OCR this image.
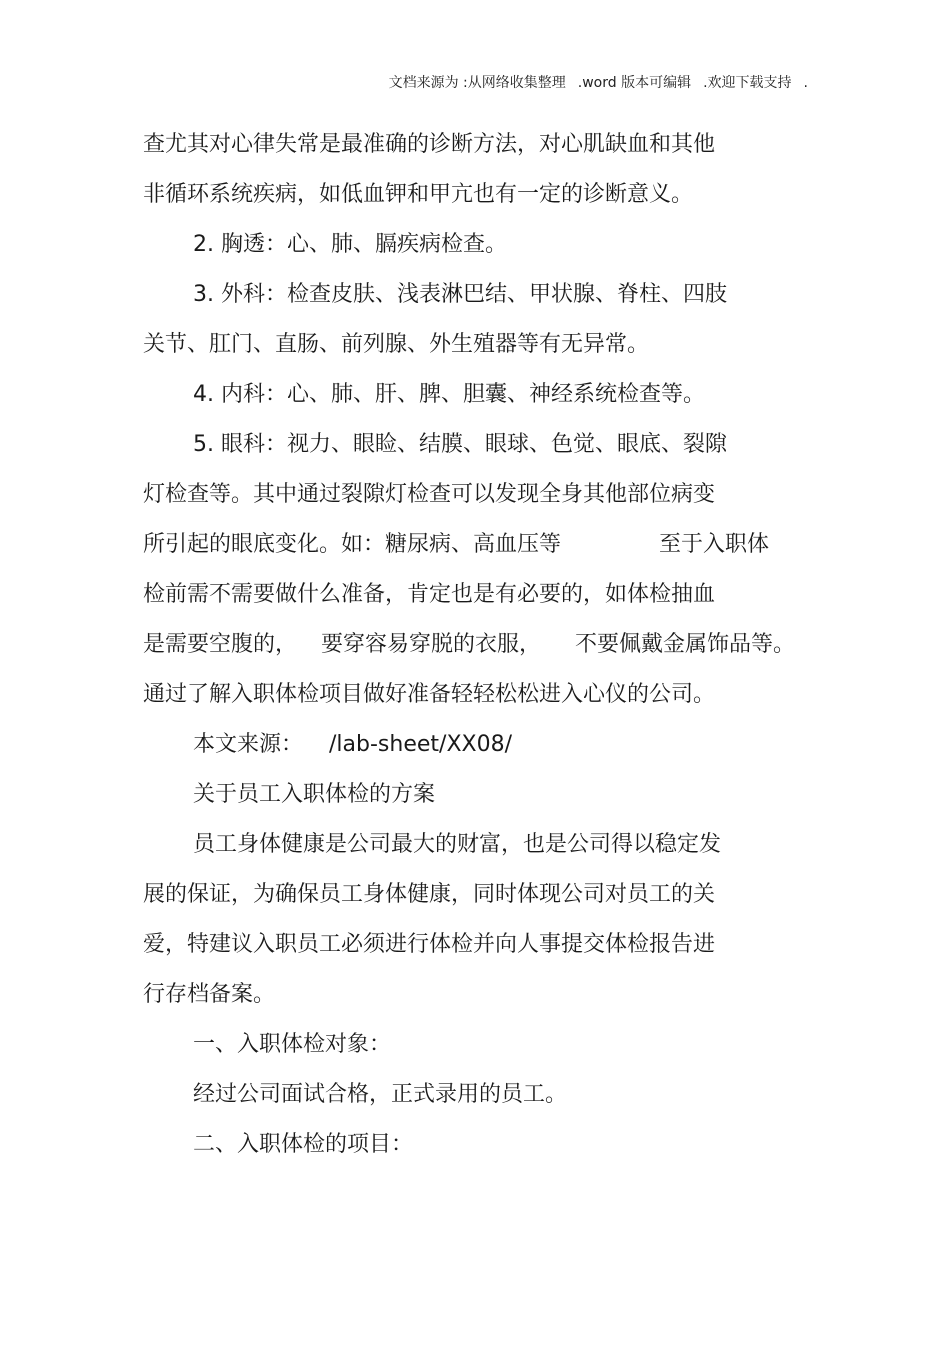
文档来源为 :从网络收集整理 .word 版本可编辑 .欢迎下载支持 .
查尤其对心律失常是最准确的诊断方法，对心肌缺血和其他
非循环系统疾病，如低血钾和甲亢也有一定的诊断意义。
2. 胸透：心、肺、膈疾病检查。
3. 外科：检查皮肤、浅表淋巴结、甲状腺、脊柱、四肢
关节、肛门、直肠、前列腺、外生殖器等有无异常。
4. 内科：心、肺、肝、脾、胆囊、神经系统检查等。
5. 眼科：视力、眼睑、结膜、眼球、色觉、眼底、裂隙
灯检查等。其中通过裂隙灯检查可以发现全身其他部位病变
所引起的眼底变化。如：糖尿病、高血压等	至于入职体
检前需不需要做什么准备，肯定也是有必要的，如体检抽血
是需要空腹的， 要穿容易穿脱的衣服， 不要佩戴金属饰品等。
通过了解入职体检项目做好准备轻轻松松进入心仪的公司。
本文来源： /lab-sheet/XX08/
关于员工入职体检的方案
员工身体健康是公司最大的财富，也是公司得以稳定发
展的保证，为确保员工身体健康，同时体现公司对员工的关
爱，特建议入职员工必须进行体检并向人事提交体检报告进
行存档备案。
一、入职体检对象：
经过公司面试合格，正式录用的员工。
二、入职体检的项目：
